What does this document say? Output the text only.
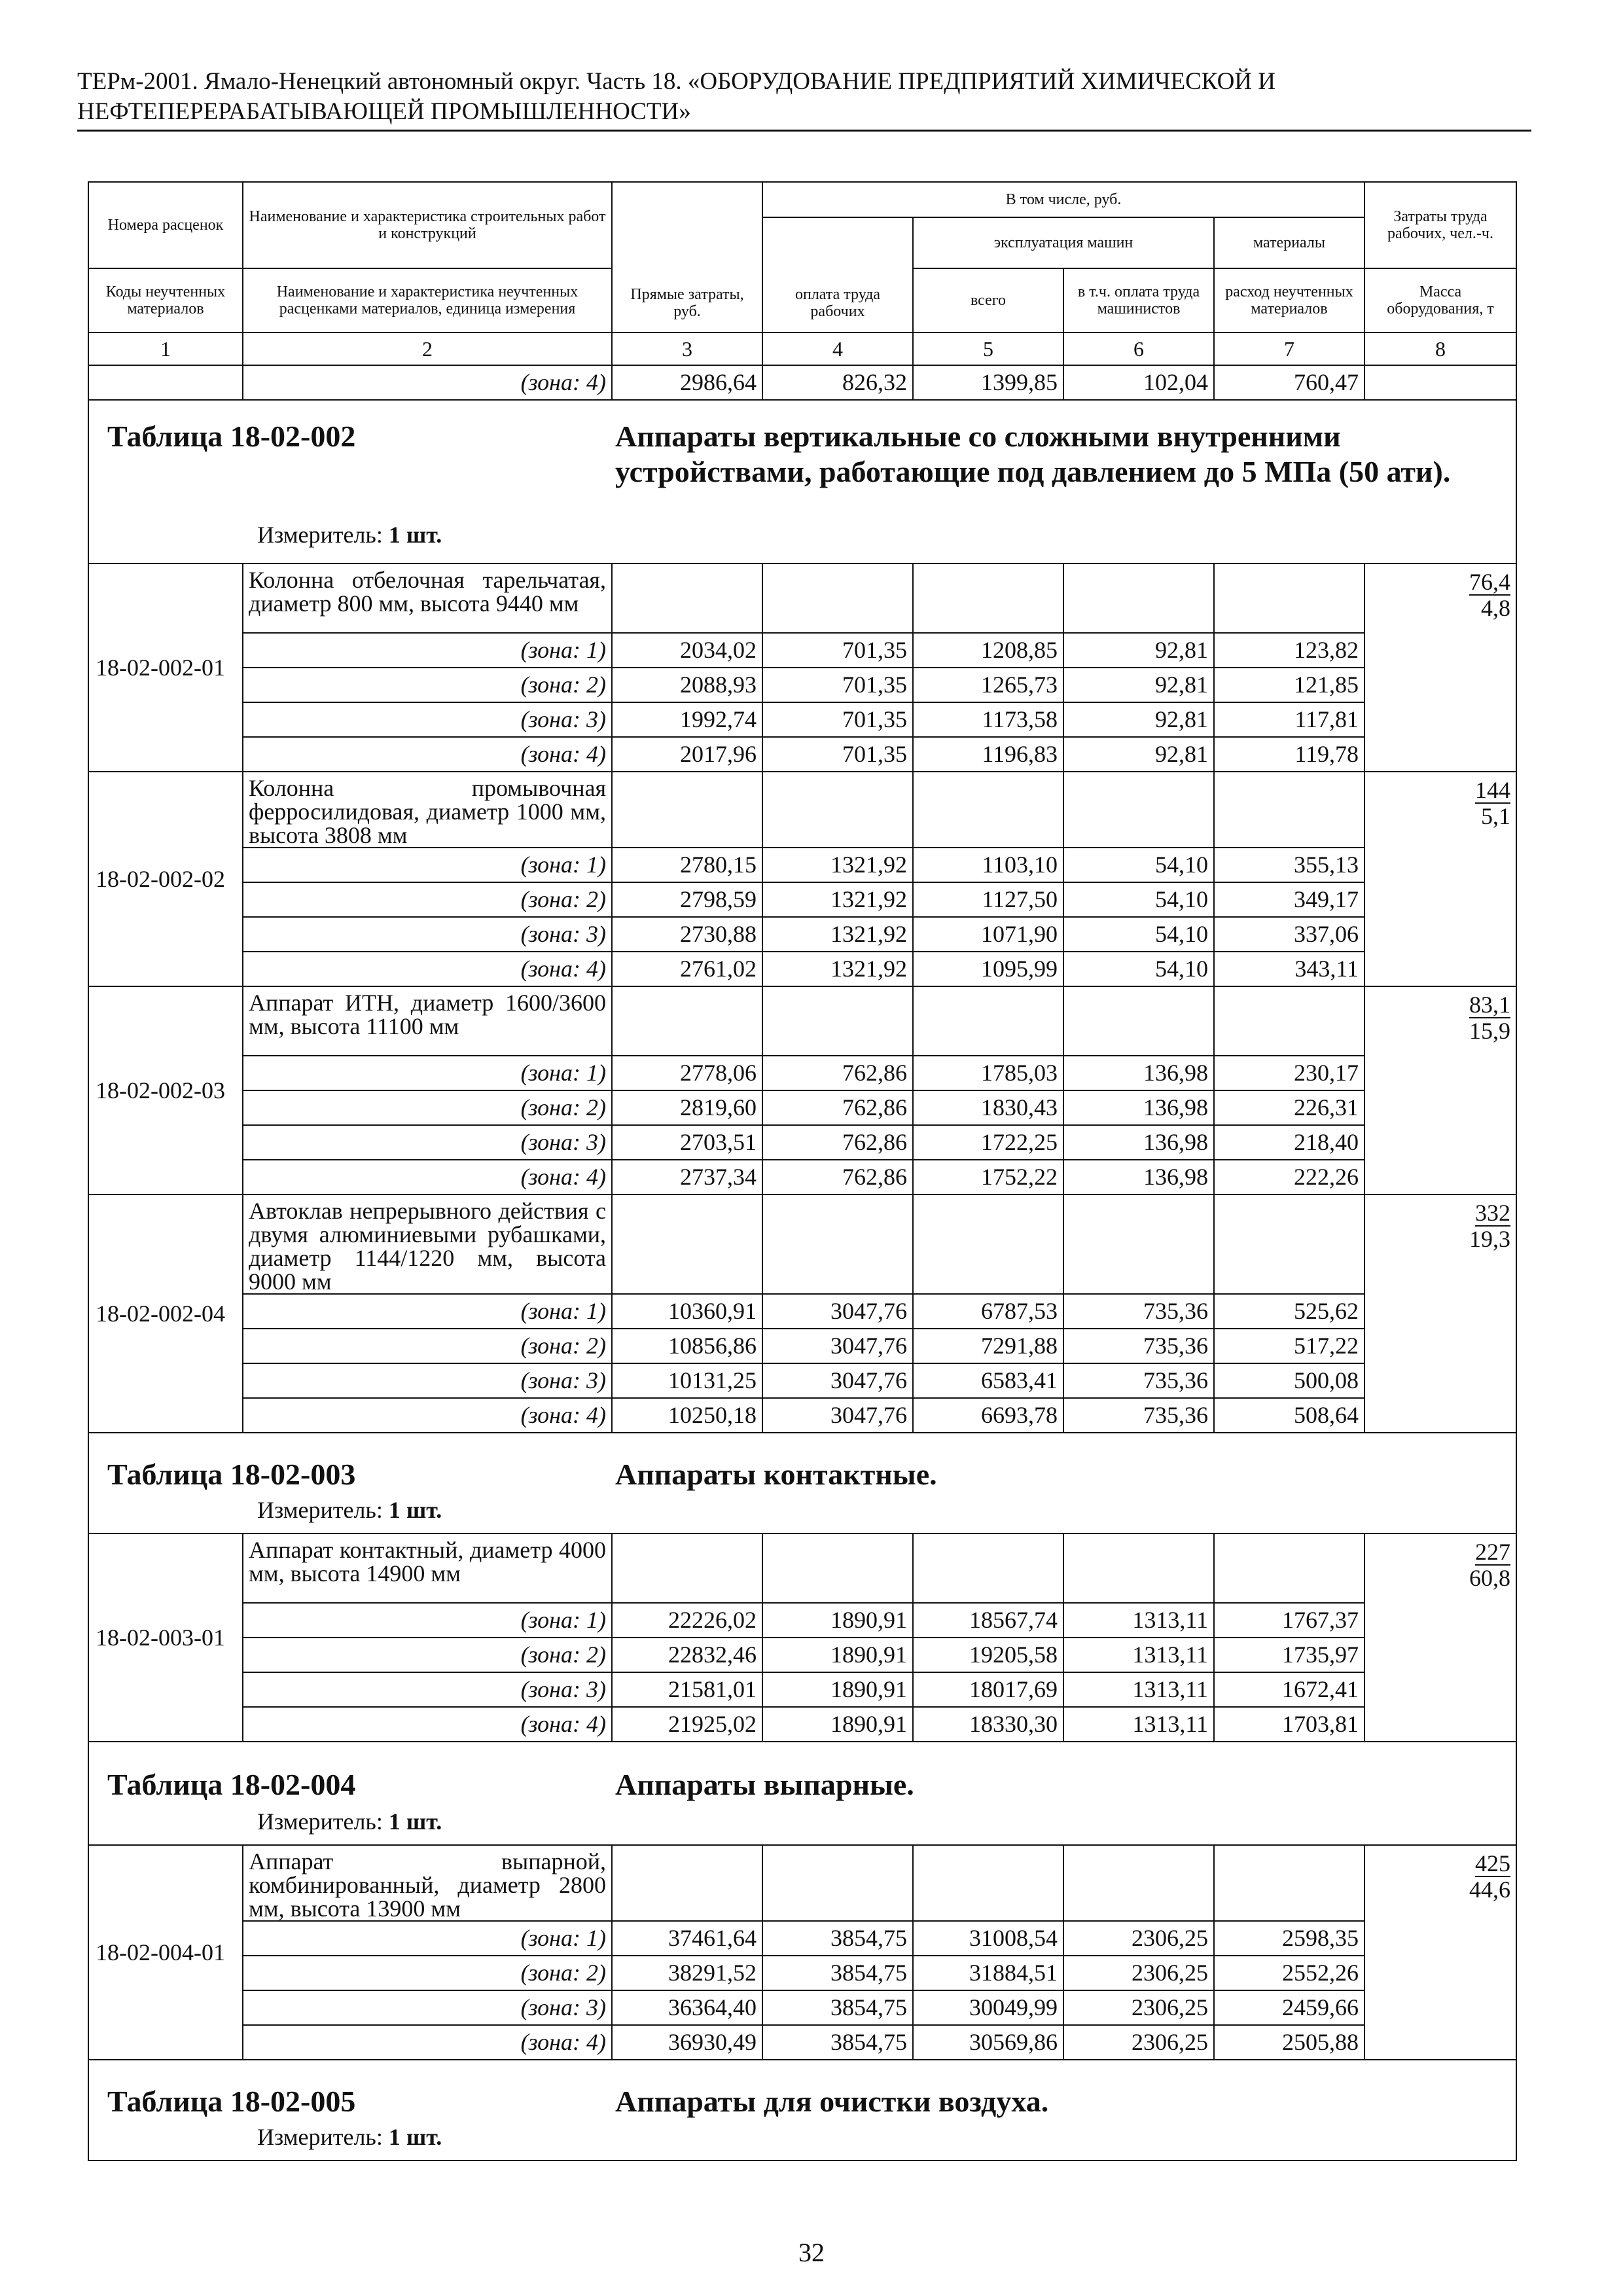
ТЕРм-2001. Ямало-Ненецкий автономный округ. Часть 18. «ОБОРУДОВАНИЕ ПРЕДПРИЯТИЙ ХИМИЧЕСКОЙ И
НЕФТЕПЕРЕРАБАТЫВАЮЩЕЙ ПРОМЫШЛЕННОСТИ»
Номера расценок	Наименование и характеристика строительных работ и конструкций	Прямые затраты, руб.	В том числе, руб.				Затраты труда рабочих, чел.-ч.
			оплата труда рабочих	эксплуатация машин		материалы	
Коды неучтенных материалов	Наименование и характеристика неучтенных расценками материалов, единица измерения			всего	в т.ч. оплата труда машинистов	расход неучтенных материалов	Масса оборудования, т
1	2	3	4	5	6	7	8
	(зона: 4)	2986,64	826,32	1399,85	102,04	760,47	

Таблица 18-02-002 Аппараты вертикальные со сложными внутренними устройствами, работающие под давлением до 5 МПа (50 ати).
Измеритель: 1 шт.							

18-02-002-01	Колонна отбелочная тарельчатая, диаметр 800 мм, высота 9440 мм						76,4
4,8
	(зона: 1)	2034,02	701,35	1208,85	92,81	123,82	
	(зона: 2)	2088,93	701,35	1265,73	92,81	121,85	
	(зона: 3)	1992,74	701,35	1173,58	92,81	117,81	
	(зона: 4)	2017,96	701,35	1196,83	92,81	119,78	
18-02-002-02	Колонна промывочная ферросилидовая, диаметр 1000 мм, высота 3808 мм						144
5,1
	(зона: 1)	2780,15	1321,92	1103,10	54,10	355,13	
	(зона: 2)	2798,59	1321,92	1127,50	54,10	349,17	
	(зона: 3)	2730,88	1321,92	1071,90	54,10	337,06	
	(зона: 4)	2761,02	1321,92	1095,99	54,10	343,11	
18-02-002-03	Аппарат ИТН, диаметр 1600/3600 мм, высота 11100 мм						83,1
15,9
	(зона: 1)	2778,06	762,86	1785,03	136,98	230,17	
	(зона: 2)	2819,60	762,86	1830,43	136,98	226,31	
	(зона: 3)	2703,51	762,86	1722,25	136,98	218,40	
	(зона: 4)	2737,34	762,86	1752,22	136,98	222,26	
18-02-002-04	Автоклав непрерывного действия с двумя алюминиевыми рубашками, диаметр 1144/1220 мм, высота 9000 мм						332
19,3
	(зона: 1)	10360,91	3047,76	6787,53	735,36	525,62	
	(зона: 2)	10856,86	3047,76	7291,88	735,36	517,22	
	(зона: 3)	10131,25	3047,76	6583,41	735,36	500,08	
	(зона: 4)	10250,18	3047,76	6693,78	735,36	508,64	

Таблица 18-02-003 Аппараты контактные.
Измеритель: 1 шт.							

18-02-003-01	Аппарат контактный, диаметр 4000 мм, высота 14900 мм						227
60,8
	(зона: 1)	22226,02	1890,91	18567,74	1313,11	1767,37	
	(зона: 2)	22832,46	1890,91	19205,58	1313,11	1735,97	
	(зона: 3)	21581,01	1890,91	18017,69	1313,11	1672,41	
	(зона: 4)	21925,02	1890,91	18330,30	1313,11	1703,81	

Таблица 18-02-004 Аппараты выпарные.
Измеритель: 1 шт.							

18-02-004-01	Аппарат выпарной, комбинированный, диаметр 2800 мм, высота 13900 мм						425
44,6
	(зона: 1)	37461,64	3854,75	31008,54	2306,25	2598,35	
	(зона: 2)	38291,52	3854,75	31884,51	2306,25	2552,26	
	(зона: 3)	36364,40	3854,75	30049,99	2306,25	2459,66	
	(зона: 4)	36930,49	3854,75	30569,86	2306,25	2505,88	

Таблица 18-02-005 Аппараты для очистки воздуха.
Измеритель: 1 шт.							
32
